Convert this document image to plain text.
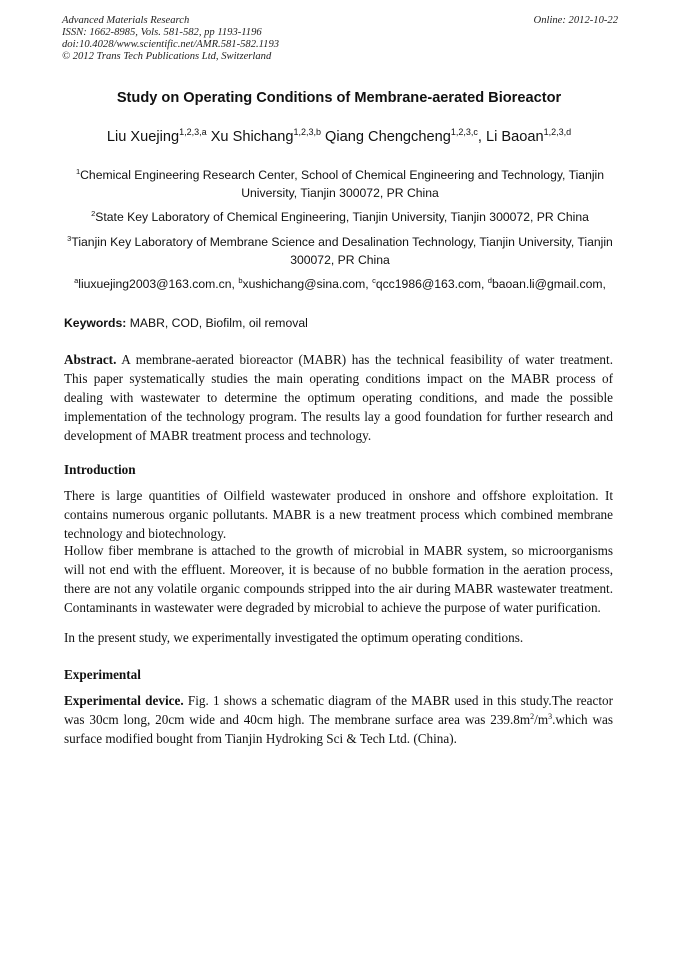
Advanced Materials Research
ISSN: 1662-8985, Vols. 581-582, pp 1193-1196
doi:10.4028/www.scientific.net/AMR.581-582.1193
© 2012 Trans Tech Publications Ltd, Switzerland
Online: 2012-10-22
Study on Operating Conditions of Membrane-aerated Bioreactor
Liu Xuejing$^{1,2,3,a}$ Xu Shichang$^{1,2,3,b}$ Qiang Chengcheng$^{1,2,3,c}$, Li Baoan$^{1,2,3,d}$
$^1$Chemical Engineering Research Center, School of Chemical Engineering and Technology, Tianjin University, Tianjin 300072, PR China
$^2$State Key Laboratory of Chemical Engineering, Tianjin University, Tianjin 300072, PR China
$^3$Tianjin Key Laboratory of Membrane Science and Desalination Technology, Tianjin University, Tianjin 300072, PR China
$^a$liuxuejing2003@163.com.cn, $^b$xushichang@sina.com, $^c$qcc1986@163.com, $^d$baoan.li@gmail.com,
Keywords: MABR, COD, Biofilm, oil removal
Abstract. A membrane-aerated bioreactor (MABR) has the technical feasibility of water treatment. This paper systematically studies the main operating conditions impact on the MABR process of dealing with wastewater to determine the optimum operating conditions, and made the possible implementation of the technology program. The results lay a good foundation for further research and development of MABR treatment process and technology.
Introduction
There is large quantities of Oilfield wastewater produced in onshore and offshore exploitation. It contains numerous organic pollutants. MABR is a new treatment process which combined membrane technology and biotechnology.
Hollow fiber membrane is attached to the growth of microbial in MABR system, so microorganisms will not end with the effluent. Moreover, it is because of no bubble formation in the aeration process, there are not any volatile organic compounds stripped into the air during MABR wastewater treatment. Contaminants in wastewater were degraded by microbial to achieve the purpose of water purification.
In the present study, we experimentally investigated the optimum operating conditions.
Experimental
Experimental device. Fig. 1 shows a schematic diagram of the MABR used in this study.The reactor was 30cm long, 20cm wide and 40cm high. The membrane surface area was $239.8m^2/m^3.which$ was surface modified bought from Tianjin Hydroking Sci & Tech Ltd. (China).
